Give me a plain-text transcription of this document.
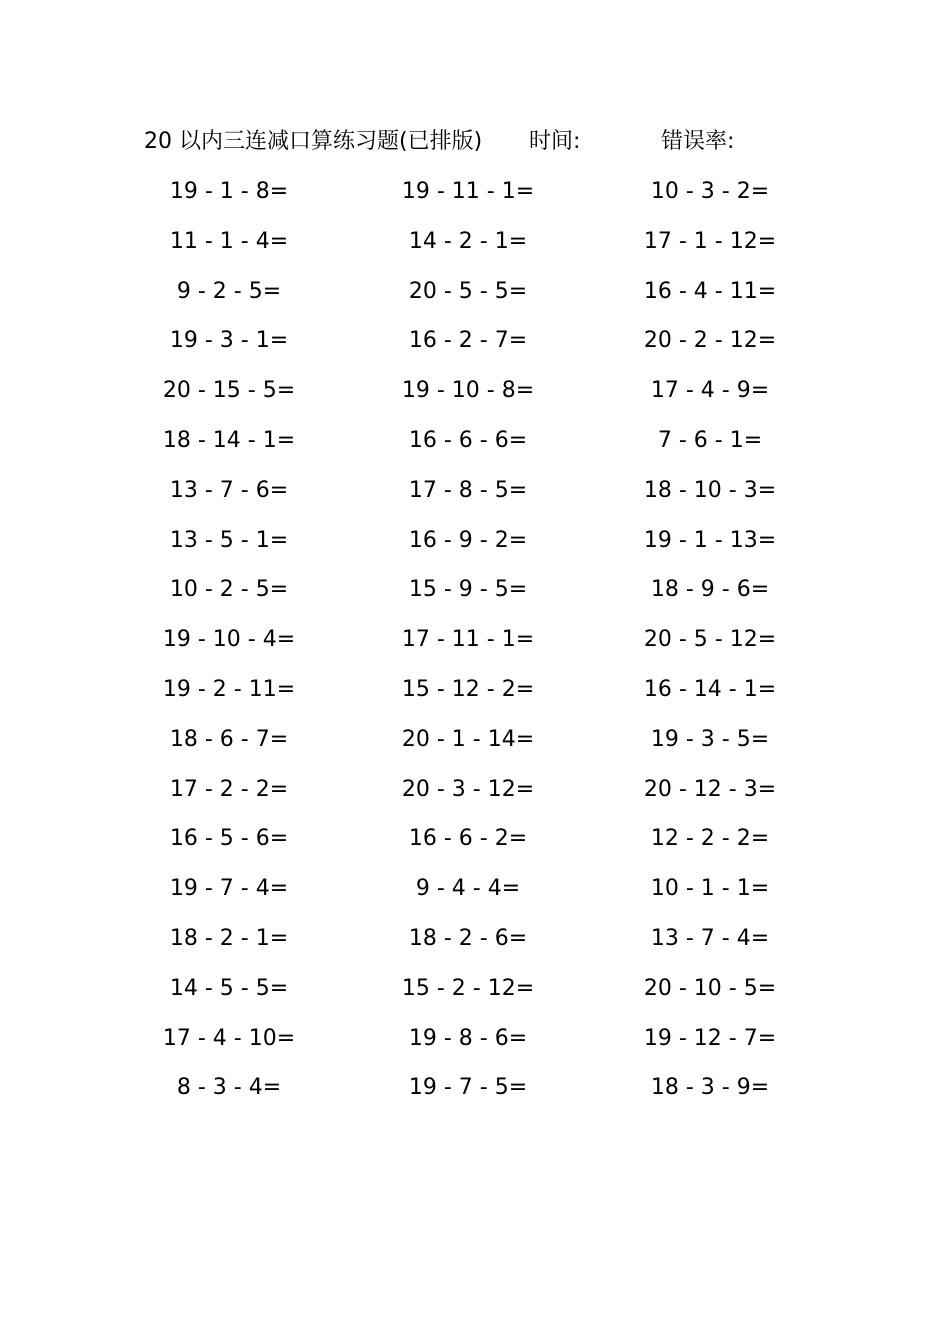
20 以内三连减口算练习题(已排版) 时间:	错误率:
19 - 1 - 8=	19 - 11 - 1=	10 - 3 - 2=
11 - 1 - 4=	14 - 2 - 1=	17 - 1 - 12=
9 - 2 - 5=	20 - 5 - 5=	16 - 4 - 11=
19 - 3 - 1=	16 - 2 - 7=	20 - 2 - 12=
20 - 15 - 5=	19 - 10 - 8=	17 - 4 - 9=
18 - 14 - 1=	16 - 6 - 6=	7 - 6 - 1=
13 - 7 - 6=	17 - 8 - 5=	18 - 10 - 3=
13 - 5 - 1=	16 - 9 - 2=	19 - 1 - 13=
10 - 2 - 5=	15 - 9 - 5=	18 - 9 - 6=
19 - 10 - 4=	17 - 11 - 1=	20 - 5 - 12=
19 - 2 - 11=	15 - 12 - 2=	16 - 14 - 1=
18 - 6 - 7=	20 - 1 - 14=	19 - 3 - 5=
17 - 2 - 2=	20 - 3 - 12=	20 - 12 - 3=
16 - 5 - 6=	16 - 6 - 2=	12 - 2 - 2=
19 - 7 - 4=	9 - 4 - 4=	10 - 1 - 1=
18 - 2 - 1=	18 - 2 - 6=	13 - 7 - 4=
14 - 5 - 5=	15 - 2 - 12=	20 - 10 - 5=
17 - 4 - 10=	19 - 8 - 6=	19 - 12 - 7=
8 - 3 - 4=	19 - 7 - 5=	18 - 3 - 9=
